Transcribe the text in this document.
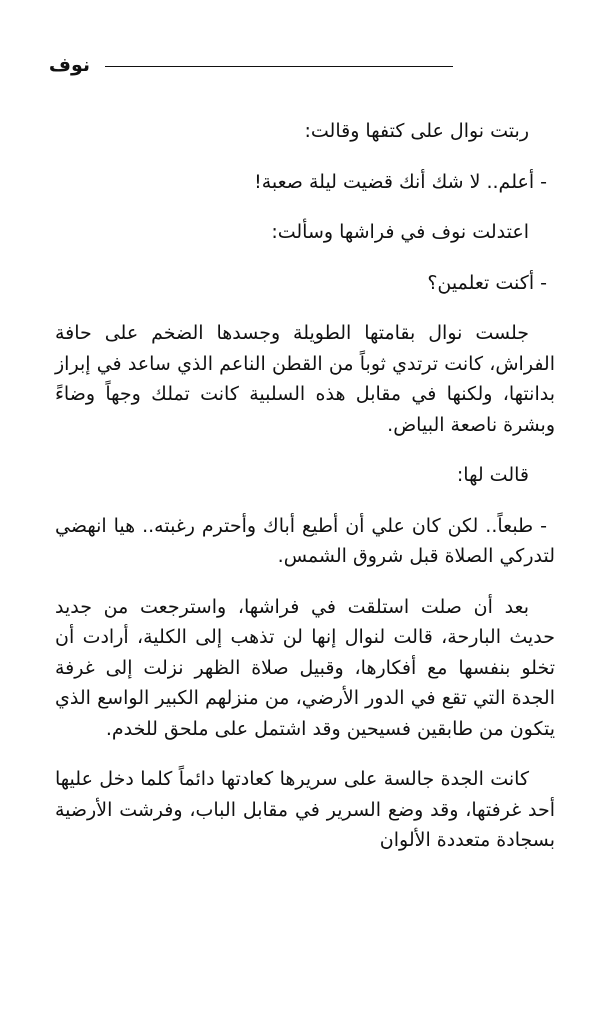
نوف

ربتت نوال على كتفها وقالت:

- أعلم.. لا شك أنك قضيت ليلة صعبة!

اعتدلت نوف في فراشها وسألت:

- أكنت تعلمين؟

جلست نوال بقامتها الطويلة وجسدها الضخم على حافة الفراش، كانت ترتدي ثوباً من القطن الناعم الذي ساعد في إبراز بدانتها، ولكنها في مقابل هذه السلبية كانت تملك وجهاً وضاءً وبشرة ناصعة البياض.

قالت لها:

- طبعاً.. لكن كان علي أن أطيع أباك وأحترم رغبته.. هيا انهضي لتدركي الصلاة قبل شروق الشمس.

بعد أن صلت استلقت في فراشها، واسترجعت من جديد حديث البارحة، قالت لنوال إنها لن تذهب إلى الكلية، أرادت أن تخلو بنفسها مع أفكارها، وقبيل صلاة الظهر نزلت إلى غرفة الجدة التي تقع في الدور الأرضي، من منزلهم الكبير الواسع الذي يتكون من طابقين فسيحين وقد اشتمل على ملحق للخدم.

كانت الجدة جالسة على سريرها كعادتها دائماً كلما دخل عليها أحد غرفتها، وقد وضع السرير في مقابل الباب، وفرشت الأرضية بسجادة متعددة الألوان
